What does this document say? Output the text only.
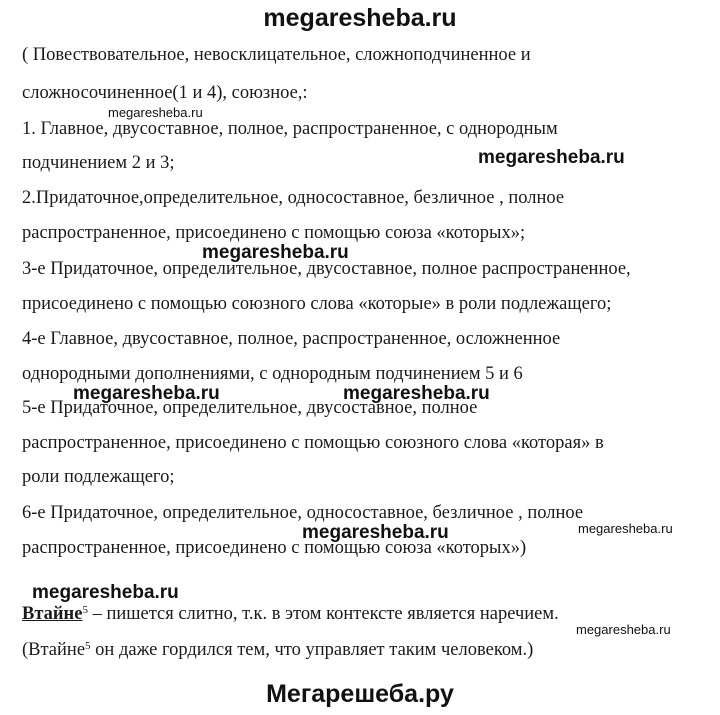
megaresheba.ru
( Повествовательное, невосклицательное, сложноподчиненное и
сложносочиненное(1 и 4), союзное,:
1. Главное, двусоставное, полное, распространенное, с однородным
подчинением 2 и 3;
2.Придаточное,определительное, односоставное, безличное , полное
распространенное, присоединено с помощью союза «которых»;
3-е Придаточное, определительное, двусоставное, полное распространенное,
присоединено с помощью союзного слова «которые» в роли подлежащего;
4-е Главное, двусоставное, полное, распространенное, осложненное
однородными дополнениями, с однородным подчинением 5 и 6
5-е Придаточное, определительное, двусоставное, полное
распространенное, присоединено с помощью союзного слова «которая» в
роли подлежащего;
6-е Придаточное, определительное, односоставное, безличное , полное
распространенное, присоединено с помощью союза «которых»)
Втайне$^5$ – пишется слитно, т.к. в этом контексте является наречием.
(Втайне$^5$ он даже гордился тем, что управляет таким человеком.)
megaresheba.ru
megaresheba.ru
megaresheba.ru
megaresheba.ru	megaresheba.ru
megaresheba.ru	megaresheba.ru
megaresheba.ru
megaresheba.ru
Мегарешеба.ру
